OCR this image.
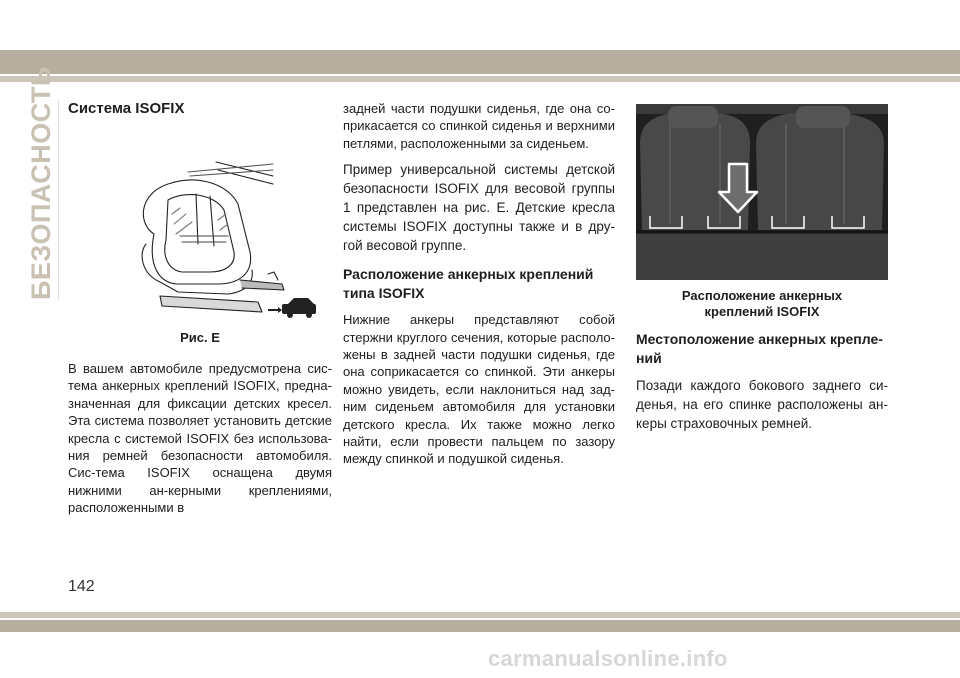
БЕЗОПАСНОСТЬ Система ISOFIX
Рис. E

В вашем автомобиле предусмотрена сис-тема анкерных креплений ISOFIX, предна-значенная для фиксации детских кресел. Эта система позволяет установить детские кресла с системой ISOFIX без использова-ния ремней безопасности автомобиля. Сис-тема ISOFIX оснащена двумя нижними ан-керными креплениями, расположенными в

задней части подушки сиденья, где она со-прикасается со спинкой сиденья и верхними петлями, расположенными за сиденьем.

Пример универсальной системы детской безопасности ISOFIX для весовой группы 1 представлен на рис. E. Детские кресла системы ISOFIX доступны также и в дру-гой весовой группе.

Расположение анкерных креплений типа ISOFIX

Нижние анкеры представляют собой стержни круглого сечения, которые располо-жены в задней части подушки сиденья, где она соприкасается со спинкой. Эти анкеры можно увидеть, если наклониться над зад-ним сиденьем автомобиля для установки детского кресла. Их также можно легко найти, если провести пальцем по зазору между спинкой и подушкой сиденья.

Расположение анкерных
креплений ISOFIX
Местоположение анкерных крепле-ний

Позади каждого бокового заднего си-денья, на его спинке расположены ан-керы страховочных ремней.

142
carmanualsonline.info
